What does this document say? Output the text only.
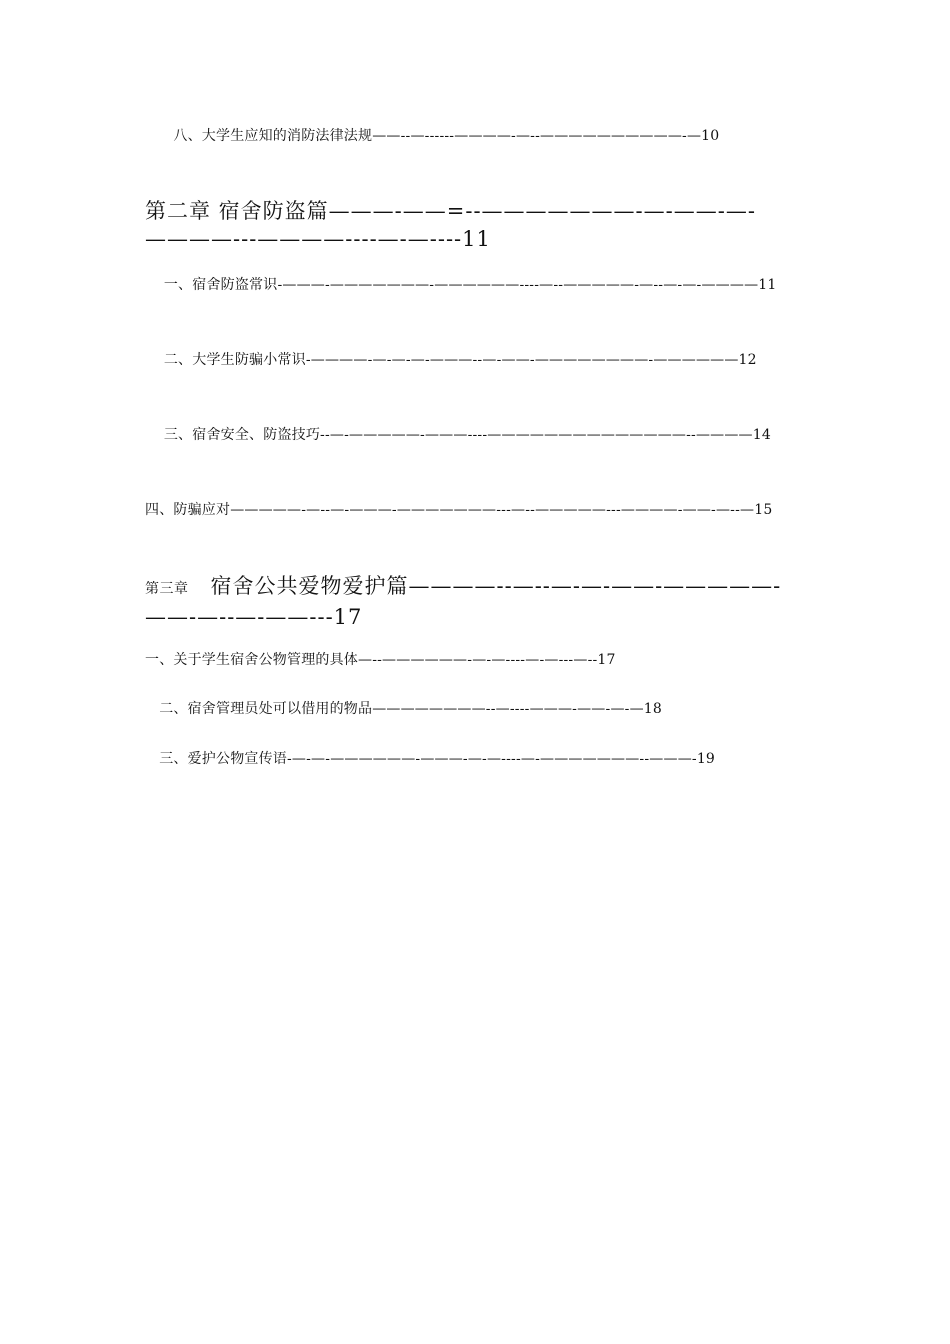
　　八、大学生应知的消防法律法规——--—------————-—--——————————-—10
第二章 宿舍防盗篇———-——=--———————-—-——-—-————---————----—-—----11
　 一、宿舍防盗常识-———-———————-——————----—--—————-—--—-—-————11
　 二、大学生防骗小常识-————-—-—-—-———--—-——-————————-——————12
　 三、宿舍安全、防盗技巧--—-—————-———----——————————————--————14
四、防骗应对—————-—--—-———-———————---—--—————---————-——-—--—15
第三章　宿舍公共爱物爱护篇————--—--—-—-——-—————-——-—--—-——---17
一、关于学生宿舍公物管理的具体—--——————-—-—----—-—---—--17
　二、宿舍管理员处可以借用的物品————————--—----———-——-—-—18
　三、爱护公物宣传语-—-—-——————-———-—-—----—-———————--———-19
